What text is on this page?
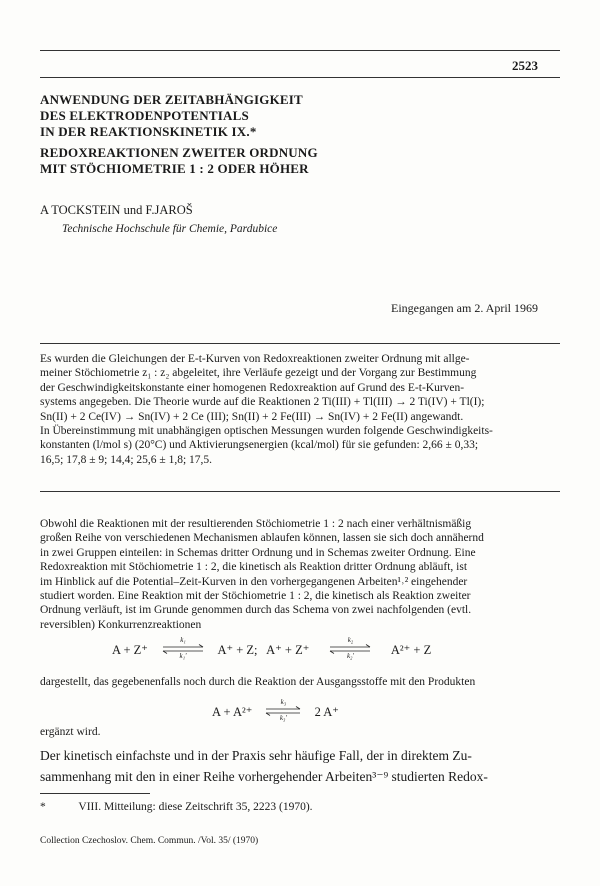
2523
ANWENDUNG DER ZEITABHÄNGIGKEIT
DES ELEKTRODENPOTENTIALS
IN DER REAKTIONSKINETIK IX.*
REDOXREAKTIONEN ZWEITER ORDNUNG
MIT STÖCHIOMETRIE 1 : 2 ODER HÖHER
A TOCKSTEIN und F.JAROŠ
Technische Hochschule für Chemie, Pardubice
Eingegangen am 2. April 1969
Es wurden die Gleichungen der E-t-Kurven von Redoxreaktionen zweiter Ordnung mit allge-
meiner Stöchiometrie z₁ : z₂ abgeleitet, ihre Verläufe gezeigt und der Vorgang zur Bestimmung
der Geschwindigkeitskonstante einer homogenen Redoxreaktion auf Grund des E-t-Kurven-
systems angegeben. Die Theorie wurde auf die Reaktionen 2 Ti(III) + Tl(III) → 2 Ti(IV) + Tl(I);
Sn(II) + 2 Ce(IV) → Sn(IV) + 2 Ce (III); Sn(II) + 2 Fe(III) → Sn(IV) + 2 Fe(II) angewandt.
In Übereinstimmung mit unabhängigen optischen Messungen wurden folgende Geschwindigkeits-
konstanten (l/mol s) (20°C) und Aktivierungsenergien (kcal/mol) für sie gefunden: 2,66 ± 0,33;
16,5; 17,8 ± 9; 14,4; 25,6 ± 1,8; 17,5.
Obwohl die Reaktionen mit der resultierenden Stöchiometrie 1 : 2 nach einer verhältnismäßig
großen Reihe von verschiedenen Mechanismen ablaufen können, lassen sie sich doch annähernd
in zwei Gruppen einteilen: in Schemas dritter Ordnung und in Schemas zweiter Ordnung. Eine
Redoxreaktion mit Stöchiometrie 1 : 2, die kinetisch als Reaktion dritter Ordnung abläuft, ist
im Hinblick auf die Potential–Zeit-Kurven in den vorhergegangenen Arbeiten¹˒² eingehender
studiert worden. Eine Reaktion mit der Stöchiometrie 1 : 2, die kinetisch als Reaktion zweiter
Ordnung verläuft, ist im Grunde genommen durch das Schema von zwei nachfolgenden (evtl.
reversiblen) Konkurrenzreaktionen
A + Z⁺
k₁
k₁'	A⁺ + Z; A⁺ + Z⁺
k₂
k₂'	A²⁺ + Z
dargestellt, das gegebenenfalls noch durch die Reaktion der Ausgangsstoffe mit den Produkten
A + A²⁺
k₃
k₃'	2 A⁺
ergänzt wird.
Der kinetisch einfachste und in der Praxis sehr häufige Fall, der in direktem Zu-
sammenhang mit den in einer Reihe vorhergehender Arbeiten³⁻⁹ studierten Redox-
*	VIII. Mitteilung: diese Zeitschrift 35, 2223 (1970).
Collection Czechoslov. Chem. Commun. /Vol. 35/ (1970)
